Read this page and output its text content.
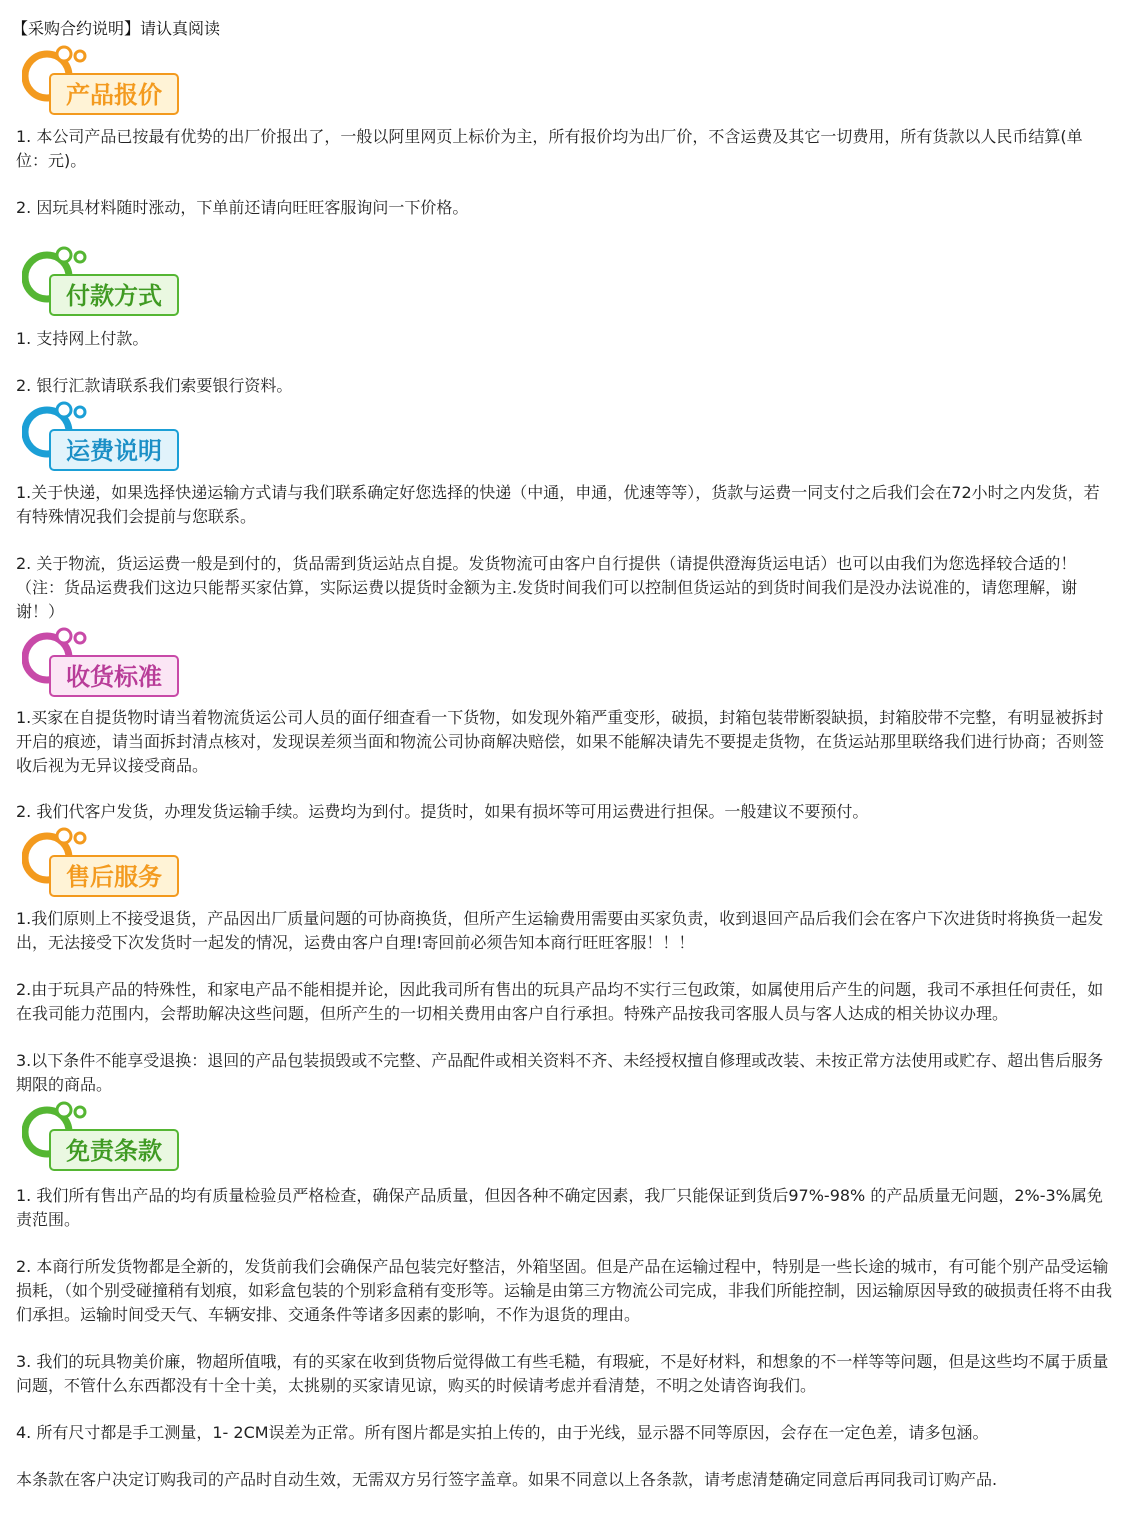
【采购合约说明】请认真阅读
产品报价
1. 本公司产品已按最有优势的出厂价报出了，一般以阿里网页上标价为主，所有报价均为出厂价，不含运费及其它一切费用，所有货款以人民币结算(单位：元)。
2. 因玩具材料随时涨动，下单前还请向旺旺客服询问一下价格。
付款方式
1. 支持网上付款。
2. 银行汇款请联系我们索要银行资料。
运费说明
1.关于快递，如果选择快递运输方式请与我们联系确定好您选择的快递（中通，申通，优速等等），货款与运费一同支付之后我们会在72小时之内发货，若有特殊情况我们会提前与您联系。
2. 关于物流，货运运费一般是到付的，货品需到货运站点自提。发货物流可由客户自行提供（请提供澄海货运电话）也可以由我们为您选择较合适的！（注：货品运费我们这边只能帮买家估算，实际运费以提货时金额为主.发货时间我们可以控制但货运站的到货时间我们是没办法说准的，请您理解，谢谢！）
收货标准
1.买家在自提货物时请当着物流货运公司人员的面仔细查看一下货物，如发现外箱严重变形，破损，封箱包装带断裂缺损，封箱胶带不完整，有明显被拆封开启的痕迹，请当面拆封清点核对，发现误差须当面和物流公司协商解决赔偿，如果不能解决请先不要提走货物，在货运站那里联络我们进行协商；否则签收后视为无异议接受商品。
2. 我们代客户发货，办理发货运输手续。运费均为到付。提货时，如果有损坏等可用运费进行担保。一般建议不要预付。
售后服务
1.我们原则上不接受退货，产品因出厂质量问题的可协商换货，但所产生运输费用需要由买家负责，收到退回产品后我们会在客户下次进货时将换货一起发出，无法接受下次发货时一起发的情况，运费由客户自理!寄回前必须告知本商行旺旺客服！！！
2.由于玩具产品的特殊性，和家电产品不能相提并论，因此我司所有售出的玩具产品均不实行三包政策，如属使用后产生的问题，我司不承担任何责任，如在我司能力范围内，会帮助解决这些问题，但所产生的一切相关费用由客户自行承担。特殊产品按我司客服人员与客人达成的相关协议办理。
3.以下条件不能享受退换：退回的产品包装损毁或不完整、产品配件或相关资料不齐、未经授权擅自修理或改装、未按正常方法使用或贮存、超出售后服务期限的商品。
免责条款
1. 我们所有售出产品的均有质量检验员严格检查，确保产品质量，但因各种不确定因素，我厂只能保证到货后97%-98% 的产品质量无问题，2%-3%属免责范围。
2. 本商行所发货物都是全新的，发货前我们会确保产品包装完好整洁，外箱坚固。但是产品在运输过程中，特别是一些长途的城市，有可能个别产品受运输损耗，（如个别受碰撞稍有划痕，如彩盒包装的个别彩盒稍有变形等。运输是由第三方物流公司完成，非我们所能控制，因运输原因导致的破损责任将不由我们承担。运输时间受天气、车辆安排、交通条件等诸多因素的影响，不作为退货的理由。
3. 我们的玩具物美价廉，物超所值哦，有的买家在收到货物后觉得做工有些毛糙，有瑕疵，不是好材料，和想象的不一样等等问题，但是这些均不属于质量问题，不管什么东西都没有十全十美，太挑剔的买家请见谅，购买的时候请考虑并看清楚，不明之处请咨询我们。
4. 所有尺寸都是手工测量，1- 2CM误差为正常。所有图片都是实拍上传的，由于光线，显示器不同等原因，会存在一定色差，请多包涵。
本条款在客户决定订购我司的产品时自动生效，无需双方另行签字盖章。如果不同意以上各条款，请考虑清楚确定同意后再同我司订购产品.
